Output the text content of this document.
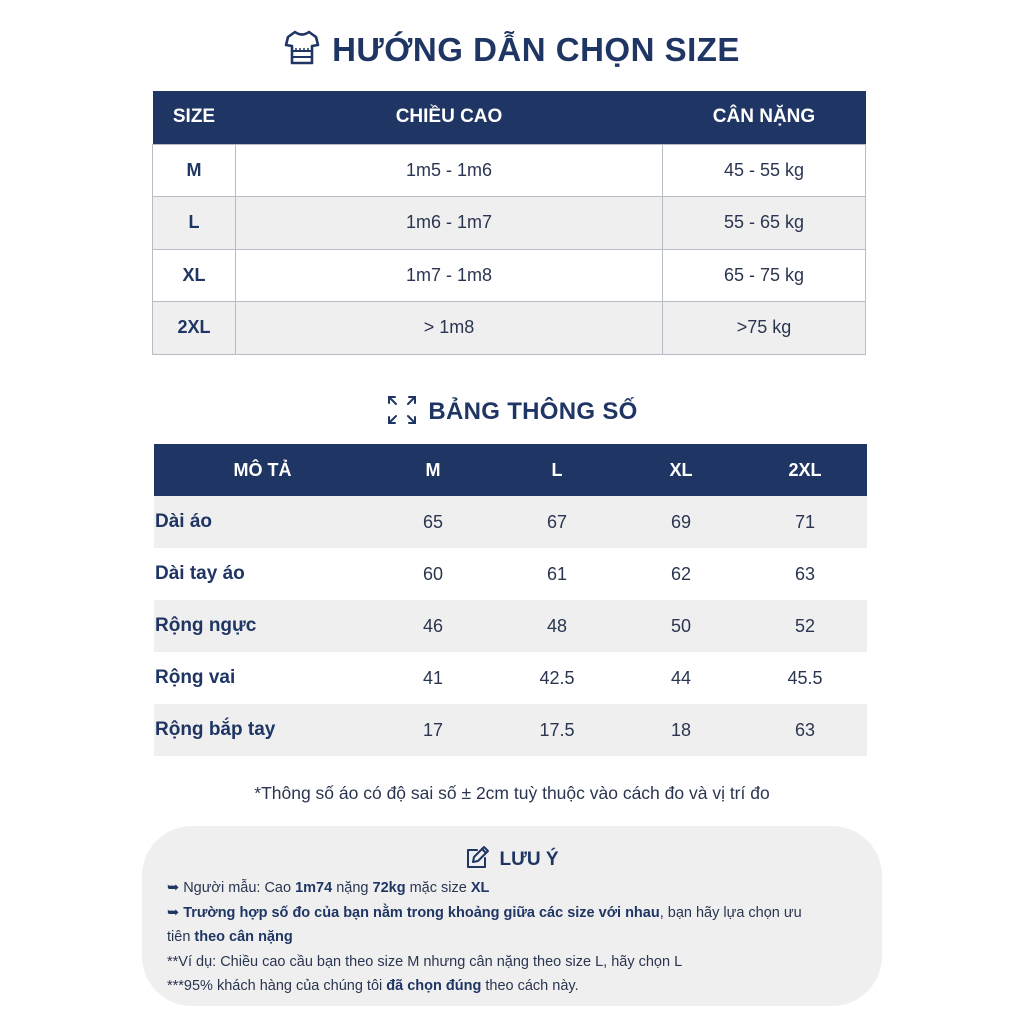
HƯỚNG DẪN CHỌN SIZE
SIZE	CHIỀU CAO	CÂN NẶNG
M	1m5 - 1m6	45 - 55 kg
L	1m6 - 1m7	55 - 65 kg
XL	1m7 - 1m8	65 - 75 kg
2XL	> 1m8	>75 kg
BẢNG THÔNG SỐ
MÔ TẢ	M	L	XL	2XL
Dài áo	65	67	69	71
Dài tay áo	60	61	62	63
Rộng ngực	46	48	50	52
Rộng vai	41	42.5	44	45.5
Rộng bắp tay	17	17.5	18	63
*Thông số áo có độ sai số ± 2cm tuỳ thuộc vào cách đo và vị trí đo
LƯU Ý
➥ Người mẫu: Cao 1m74 nặng 72kg mặc size XL
➥ Trường hợp số đo của bạn nằm trong khoảng giữa các size với nhau, bạn hãy lựa chọn ưu
tiên theo cân nặng
**Ví dụ: Chiều cao cầu bạn theo size M nhưng cân nặng theo size L, hãy chọn L
***95% khách hàng của chúng tôi đã chọn đúng theo cách này.
